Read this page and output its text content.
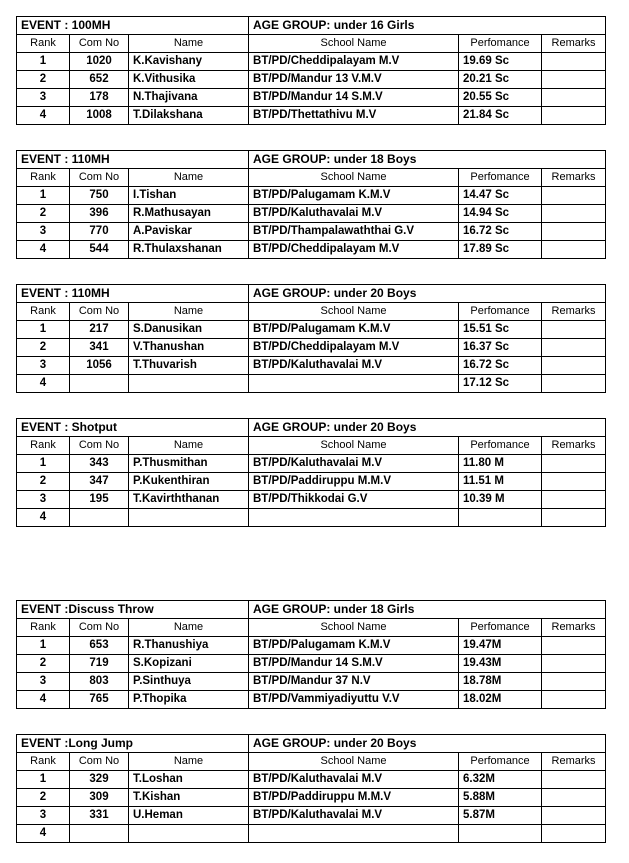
EVENT : 100MH			AGE GROUP: under 16 Girls		
Rank	Com No	Name	School Name	Perfomance	Remarks
1	1020	K.Kavishany	BT/PD/Cheddipalayam M.V	19.69 Sc	
2	652	K.Vithusika	BT/PD/Mandur 13 V.M.V	20.21 Sc	
3	178	N.Thajivana	BT/PD/Mandur 14 S.M.V	20.55 Sc	
4	1008	T.Dilakshana	BT/PD/Thettathivu M.V	21.84 Sc	
EVENT : 110MH			AGE GROUP: under 18 Boys		
Rank	Com No	Name	School Name	Perfomance	Remarks
1	750	I.Tishan	BT/PD/Palugamam K.M.V	14.47 Sc	
2	396	R.Mathusayan	BT/PD/Kaluthavalai M.V	14.94 Sc	
3	770	A.Paviskar	BT/PD/Thampalawaththai G.V	16.72 Sc	
4	544	R.Thulaxshanan	BT/PD/Cheddipalayam M.V	17.89 Sc	
EVENT : 110MH			AGE GROUP: under 20 Boys		
Rank	Com No	Name	School Name	Perfomance	Remarks
1	217	S.Danusikan	BT/PD/Palugamam K.M.V	15.51 Sc	
2	341	V.Thanushan	BT/PD/Cheddipalayam M.V	16.37 Sc	
3	1056	T.Thuvarish	BT/PD/Kaluthavalai M.V	16.72 Sc	
4				17.12 Sc	
EVENT : Shotput			AGE GROUP: under 20 Boys		
Rank	Com No	Name	School Name	Perfomance	Remarks
1	343	P.Thusmithan	BT/PD/Kaluthavalai M.V	11.80 M	
2	347	P.Kukenthiran	BT/PD/Paddiruppu M.M.V	11.51 M	
3	195	T.Kavirththanan	BT/PD/Thikkodai G.V	10.39 M	
4					
EVENT :Discuss Throw			AGE GROUP: under 18 Girls		
Rank	Com No	Name	School Name	Perfomance	Remarks
1	653	R.Thanushiya	BT/PD/Palugamam K.M.V	19.47M	
2	719	S.Kopizani	BT/PD/Mandur 14 S.M.V	19.43M	
3	803	P.Sinthuya	BT/PD/Mandur 37 N.V	18.78M	
4	765	P.Thopika	BT/PD/Vammiyadiyuttu V.V	18.02M	
EVENT :Long Jump			AGE GROUP: under 20 Boys		
Rank	Com No	Name	School Name	Perfomance	Remarks
1	329	T.Loshan	BT/PD/Kaluthavalai M.V	6.32M	
2	309	T.Kishan	BT/PD/Paddiruppu M.M.V	5.88M	
3	331	U.Heman	BT/PD/Kaluthavalai M.V	5.87M	
4					
